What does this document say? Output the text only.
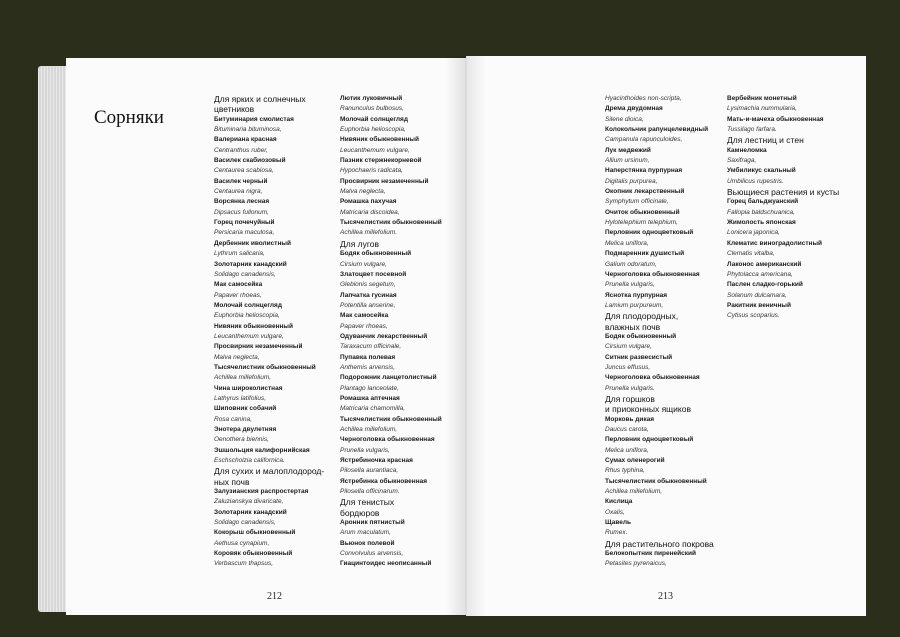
Сорняки
Для ярких и солнечных
цветников
Битуминария смолистая
Bituminaria bituminosa,
Валериана красная
Centranthus ruber,
Василек скабиозовый
Centaurea scabiosa,
Василек черный
Centaurea nigra,
Ворсянка лесная
Dipsacus fullonum,
Горец почечуйный
Persicaria maculosa,
Дербенник иволистный
Lythrum salicaria,
Золотарник канадский
Solidago canadensis,
Мак самосейка
Papaver rhoeas,
Молочай солнцегляд
Euphorbia helioscopia,
Нивяник обыкновенный
Leucanthemum vulgare,
Просвирник незамеченный
Malva neglecta,
Тысячелистник обыкновенный
Achillea millefolium,
Чина широколистная
Lathyrus latifolius,
Шиповник собачий
Rosa canina,
Энотера двулетняя
Oenothera biennis,
Эшшольция калифорнийская
Eschscholzia californica.
Для сухих и малоплодород-
ных почв
Залузианския распростертая
Zaluzianskya divaricate,
Золотарник канадский
Solidago canadensis,
Кокорыш обыкновенный
Aethusa cynapium,
Коровяк обыкновенный
Verbascum thapsus,
Лютик луковичный
Ranunculus bulbosus,
Молочай солнцегляд
Euphorbia helioscopia,
Нивяник обыкновенный
Leucanthemum vulgare,
Пазник стержнекорневой
Hypochaeris radicata,
Просвирник незамеченный
Malva neglecta,
Ромашка пахучая
Matricaria discoidea,
Тысячелистник обыкновенный
Achillea millefolium.
Для лугов
Бодяк обыкновенный
Cirsium vulgare,
Златоцвет посевной
Glebionis segetum,
Лапчатка гусиная
Potentilla anserine,
Мак самосейка
Papaver rhoeas,
Одуванчик лекарственный
Taraxacum officinale,
Пупавка полевая
Anthemis arvensis,
Подорожник ланцетолистный
Plantago lanceolate,
Ромашка аптечная
Matricaria chamomilla,
Тысячелистник обыкновенный
Achillea millefolium,
Черноголовка обыкновенная
Prunella vulgaris,
Ястребиночка красная
Pilosella aurantiaca,
Ястребинка обыкновенная
Pilosella officinarum.
Для тенистых
бордюров
Аронник пятнистый
Arum maculatum,
Вьюнок полевой
Convolvulus arvensis,
Гиацинтоидес неописанный
Hyacinthoides non-scripta,
Дрема двудомная
Silene dioica,
Колокольчик рапунцелевидный
Campanula rapunculoides,
Лук медвежий
Allium ursinum,
Наперстянка пурпурная
Digitalis purpurea,
Окопник лекарственный
Symphytum officinale,
Очиток обыкновенный
Hylotelephium telephium,
Перловник одноцветковый
Melica uniflora,
Подмаренник душистый
Galium odoratum,
Черноголовка обыкновенная
Prunella vulgaris,
Яснотка пурпурная
Lamium purpureum,
Для плодородных,
влажных почв
Бодяк обыкновенный
Cirsium vulgare,
Ситник развесистый
Juncus effusus,
Черноголовка обыкновенная
Prunella vulgaris.
Для горшков
и приоконных ящиков
Морковь дикая
Daucus carota,
Перловник одноцветковый
Melica uniflora,
Сумах оленерогий
Rhus typhina,
Тысячелистник обыкновенный
Achillea millefolium,
Кислица
Oxalis,
Щавель
Rumex.
Для растительного покрова
Белокопытник пиренейский
Petasites pyrenaicus,
Вербейник монетный
Lysimachia nummularia,
Мать-и-мачеха обыкновенная
Tussilago farfara.
Для лестниц и стен
Камнеломка
Saxifraga,
Умбиликус скальный
Umbilicus rupestris.
Вьющиеся растения и кусты
Горец бальджуанский
Fallopia baldschuanica,
Жимолость японская
Lonicera japonica,
Клематис виноградолистный
Clematis vitalba,
Лаконос американский
Phytolacca americana,
Паслен сладко-горький
Solanum dulcamara,
Ракитник веничный
Cytisus scoparius.
212	213
